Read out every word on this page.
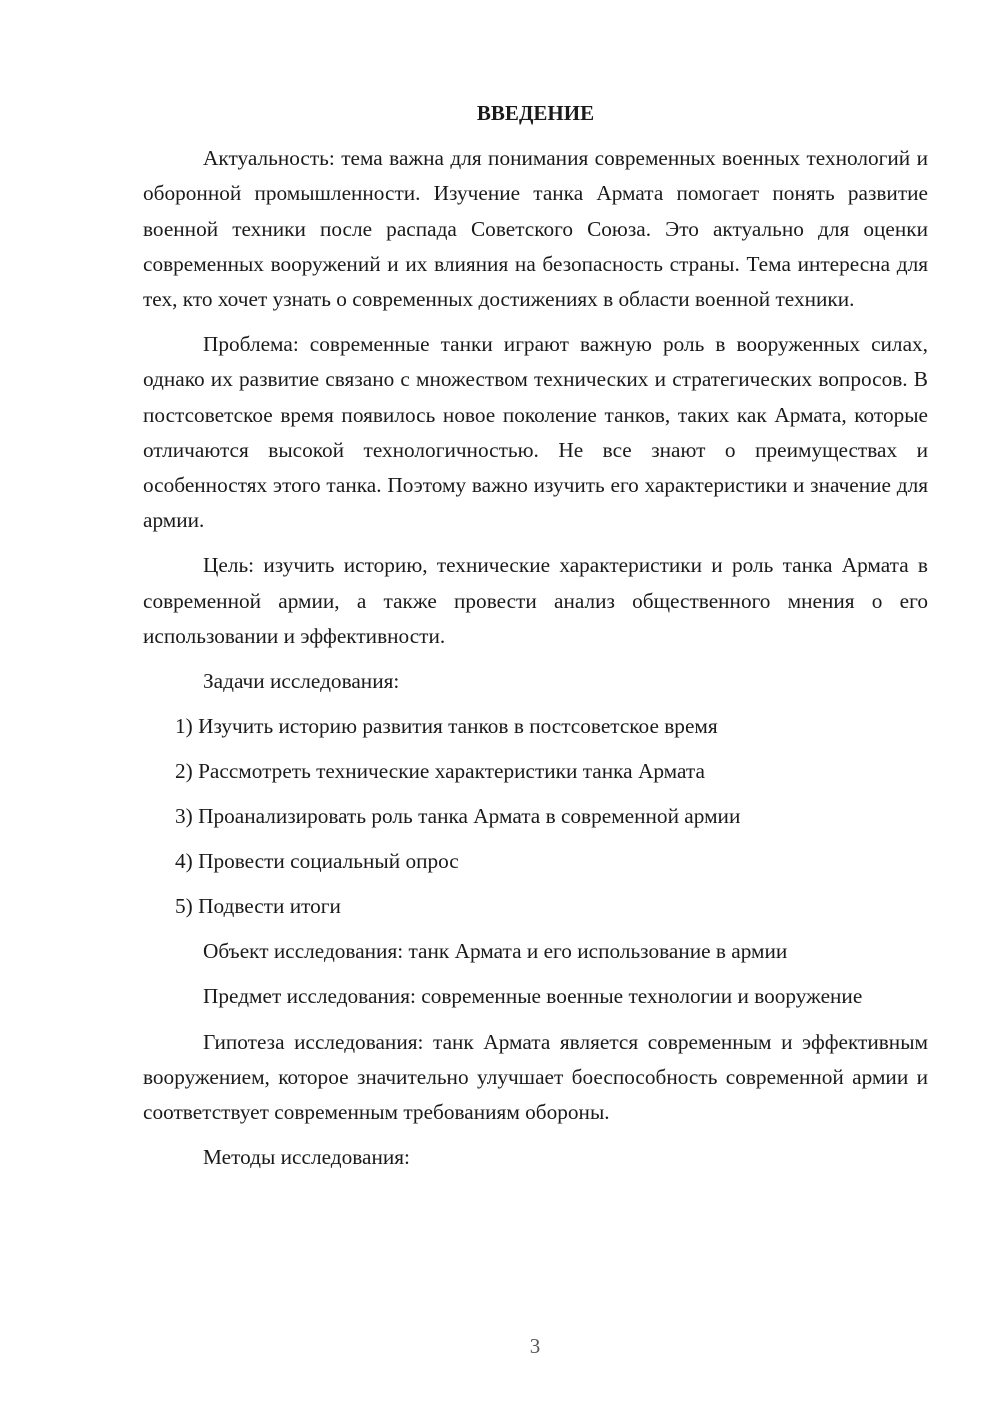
ВВЕДЕНИЕ

Актуальность: тема важна для понимания современных военных технологий и оборонной промышленности. Изучение танка Армата помогает понять развитие военной техники после распада Советского Союза. Это актуально для оценки современных вооружений и их влияния на безопасность страны. Тема интересна для тех, кто хочет узнать о современных достижениях в области военной техники.

Проблема: современные танки играют важную роль в вооруженных силах, однако их развитие связано с множеством технических и стратегических вопросов. В постсоветское время появилось новое поколение танков, таких как Армата, которые отличаются высокой технологичностью. Не все знают о преимуществах и особенностях этого танка. Поэтому важно изучить его характеристики и значение для армии.

Цель: изучить историю, технические характеристики и роль танка Армата в современной армии, а также провести анализ общественного мнения о его использовании и эффективности.

Задачи исследования:

1) Изучить историю развития танков в постсоветское время
2) Рассмотреть технические характеристики танка Армата
3) Проанализировать роль танка Армата в современной армии
4) Провести социальный опрос
5) Подвести итоги

Объект исследования: танк Армата и его использование в армии

Предмет исследования: современные военные технологии и вооружение

Гипотеза исследования: танк Армата является современным и эффективным вооружением, которое значительно улучшает боеспособность современной армии и соответствует современным требованиям обороны.

Методы исследования:

3
